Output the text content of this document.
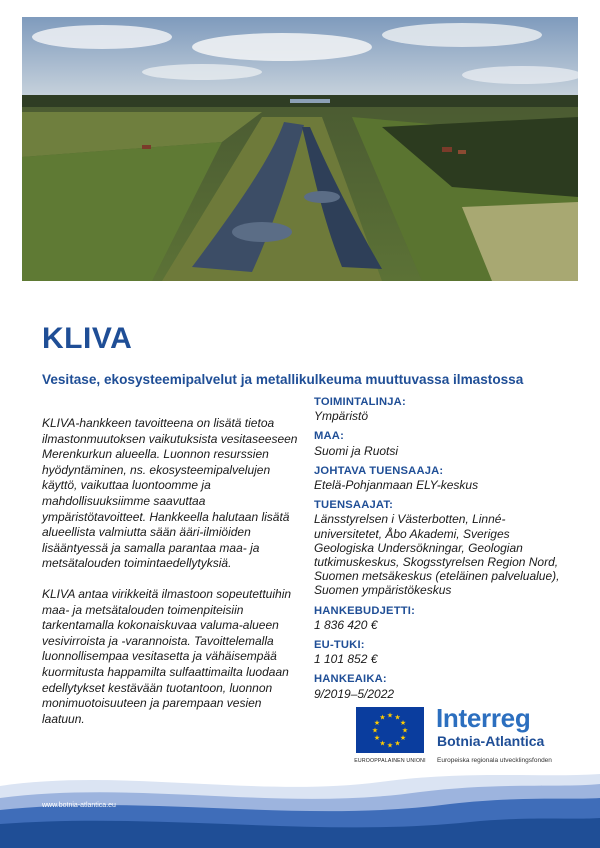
KLIVA
Vesitase, ekosysteemipalvelut ja metallikulkeuma muuttuvassa ilmastossa

KLIVA-hankkeen tavoitteena on lisätä tietoa ilmastonmuutoksen vaikutuksista vesitaseeseen Merenkurkun alueella. Luonnon resurssien hyödyntäminen, ns. ekosysteemipalvelujen käyttö, vaikuttaa luontoomme ja mahdollisuuksiimme saavuttaa ympäristötavoitteet. Hankkeella halutaan lisätä alueellista valmiutta sään ääri-ilmiöiden lisääntyessä ja samalla parantaa maa- ja metsätalouden toimintaedellytyksiä.

KLIVA antaa virikkeitä ilmastoon sopeutettuihin maa- ja metsätalouden toimenpiteisiin tarkentamalla kokonaiskuvaa valuma-alueen vesivirroista ja -varannoista. Tavoittelemalla luonnollisempaa vesitasetta ja vähäisempää kuormitusta happamilta sulfaattimailta luodaan edellytykset kestävään tuotantoon, luonnon monimuotoisuuteen ja parempaan vesien laatuun.

TOIMINTALINJA:
Ympäristö
MAA:
Suomi ja Ruotsi
JOHTAVA TUENSAAJA:
Etelä-Pohjanmaan ELY-keskus
TUENSAAJAT:
Länsstyrelsen i Västerbotten, Linné-universitetet, Åbo Akademi, Sveriges Geologiska Undersökningar, Geologian tutkimuskeskus, Skogsstyrelsen Region Nord, Suomen metsäkeskus (eteläinen palvelualue), Suomen ympäristökeskus
HANKEBUDJETTI:
1 836 420 €
EU-TUKI:
1 101 852 €
HANKEAIKA:
9/2019–5/2022
★ ★
★
★
★
★
★
★
★
★
★
★
EUROOPPALAINEN UNIONI
Interreg
Botnia-Atlantica
Europeiska regionala utvecklingsfonden
www.botnia-atlantica.eu
